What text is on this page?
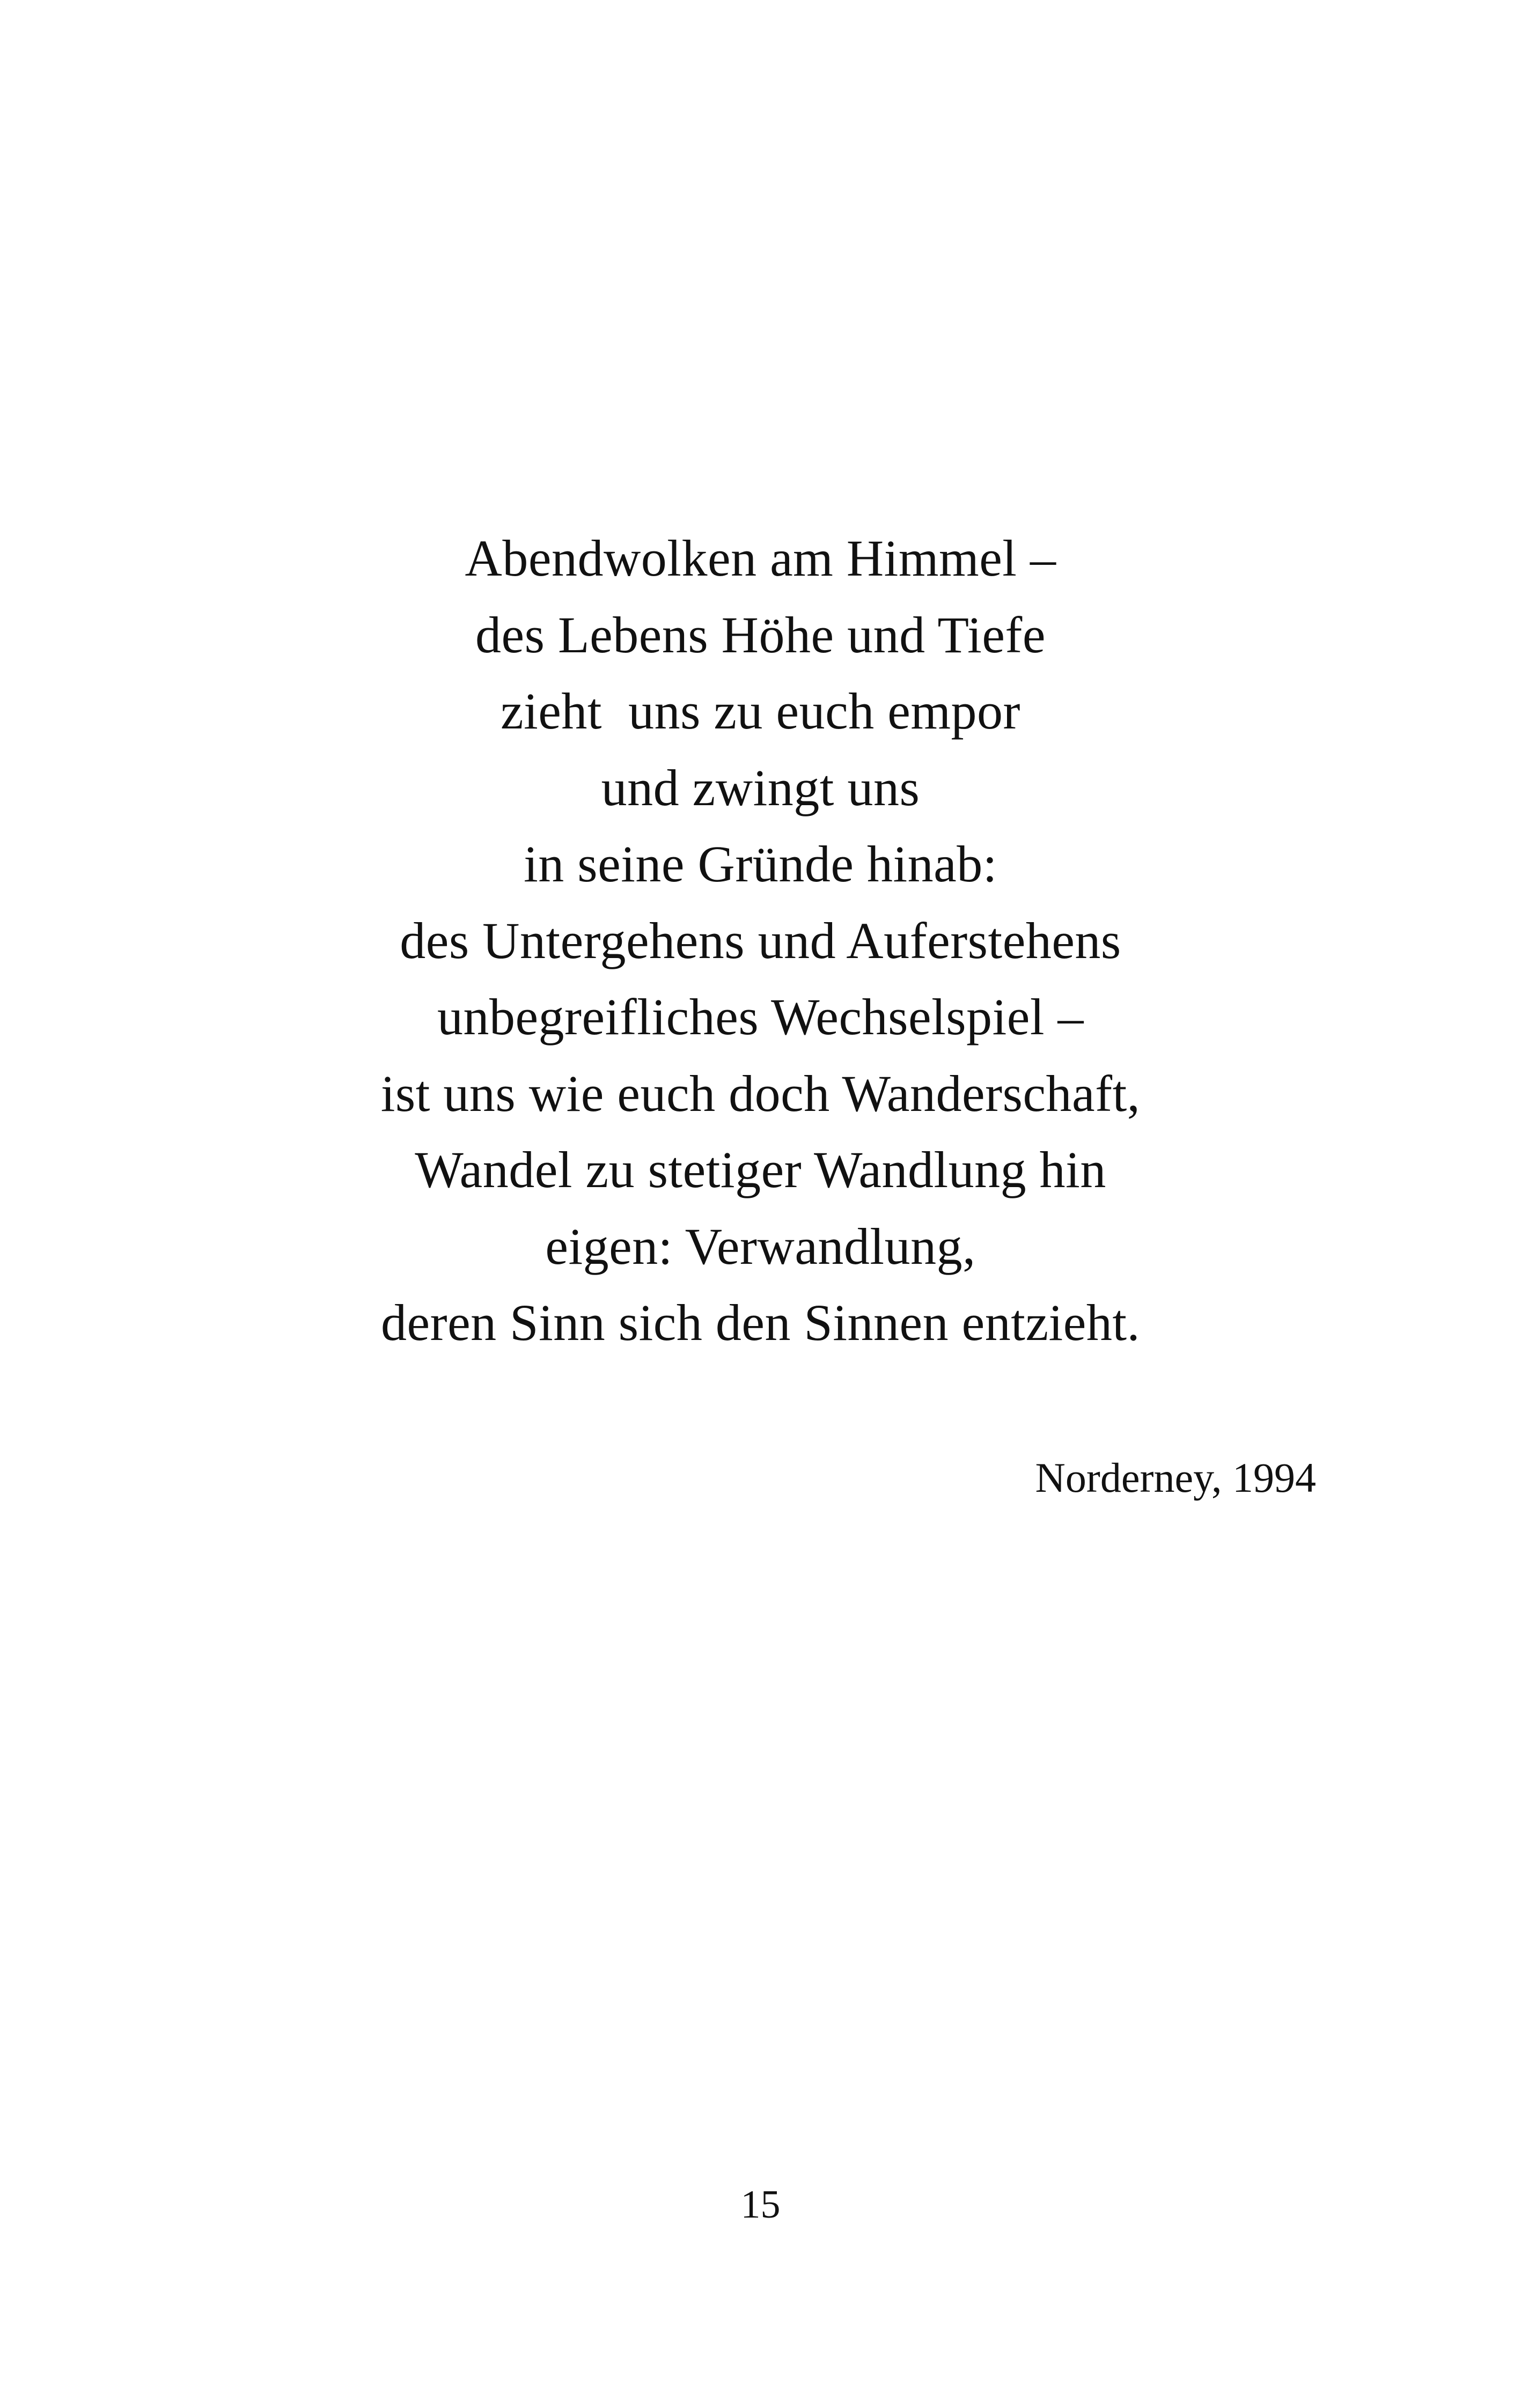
Abendwolken am Himmel –
des Lebens Höhe und Tiefe
zieht  uns zu euch empor
und zwingt uns
in seine Gründe hinab:
des Untergehens und Auferstehens
unbegreifliches Wechselspiel –
ist uns wie euch doch Wanderschaft,
Wandel zu stetiger Wandlung hin
eigen: Verwandlung,
deren Sinn sich den Sinnen entzieht.
Norderney, 1994
15
